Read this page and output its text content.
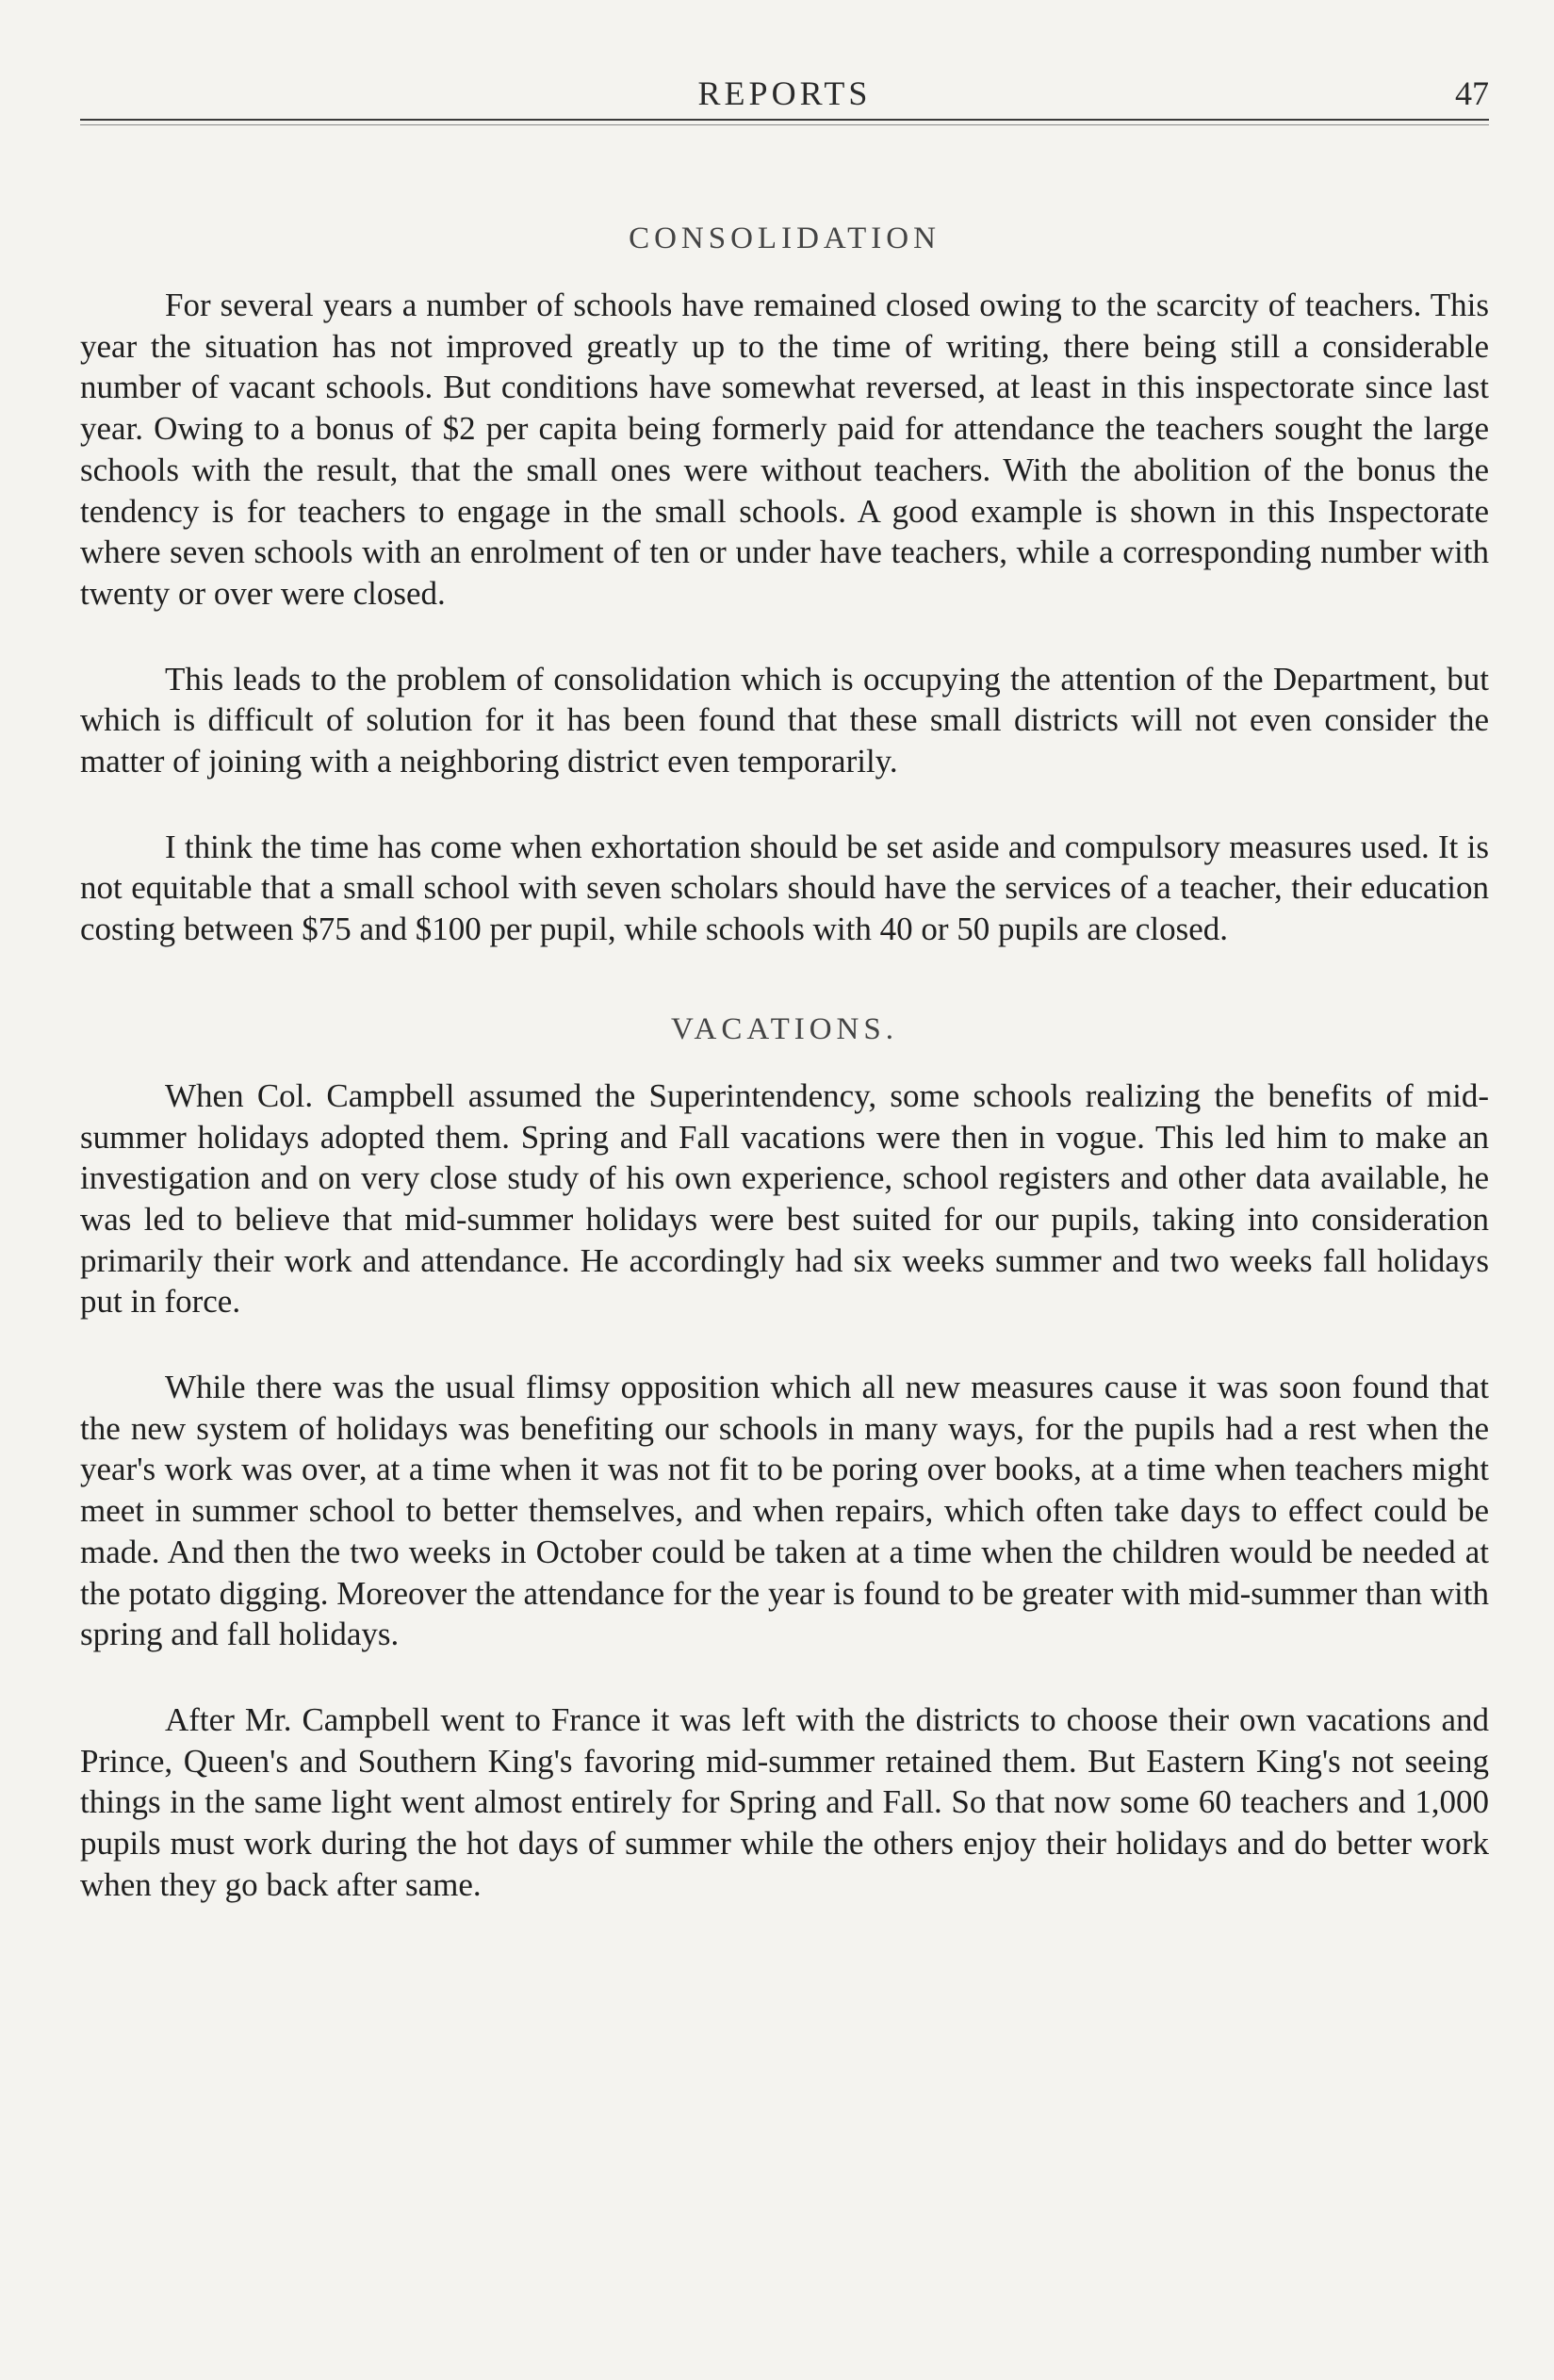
REPORTS	47
CONSOLIDATION

For several years a number of schools have remained closed owing to the scarcity of teachers. This year the situation has not improved greatly up to the time of writing, there being still a considerable number of vacant schools. But conditions have somewhat reversed, at least in this inspectorate since last year. Owing to a bonus of $2 per capita being formerly paid for attendance the teachers sought the large schools with the result, that the small ones were without teachers. With the abolition of the bonus the tendency is for teachers to engage in the small schools. A good example is shown in this Inspectorate where seven schools with an enrolment of ten or under have teachers, while a corresponding number with twenty or over were closed.

This leads to the problem of consolidation which is occupying the attention of the Department, but which is difficult of solution for it has been found that these small districts will not even consider the matter of joining with a neighboring district even temporarily.

I think the time has come when exhortation should be set aside and compulsory measures used. It is not equitable that a small school with seven scholars should have the services of a teacher, their education costing between $75 and $100 per pupil, while schools with 40 or 50 pupils are closed.

VACATIONS.

When Col. Campbell assumed the Superintendency, some schools realizing the benefits of mid-summer holidays adopted them. Spring and Fall vacations were then in vogue. This led him to make an investigation and on very close study of his own experience, school registers and other data available, he was led to believe that mid-summer holidays were best suited for our pupils, taking into consideration primarily their work and attendance. He accordingly had six weeks summer and two weeks fall holidays put in force.

While there was the usual flimsy opposition which all new measures cause it was soon found that the new system of holidays was benefiting our schools in many ways, for the pupils had a rest when the year's work was over, at a time when it was not fit to be poring over books, at a time when teachers might meet in summer school to better themselves, and when repairs, which often take days to effect could be made. And then the two weeks in October could be taken at a time when the children would be needed at the potato digging. Moreover the attendance for the year is found to be greater with mid-summer than with spring and fall holidays.

After Mr. Campbell went to France it was left with the districts to choose their own vacations and Prince, Queen's and Southern King's favoring mid-summer retained them. But Eastern King's not seeing things in the same light went almost entirely for Spring and Fall. So that now some 60 teachers and 1,000 pupils must work during the hot days of summer while the others enjoy their holidays and do better work when they go back after same.
